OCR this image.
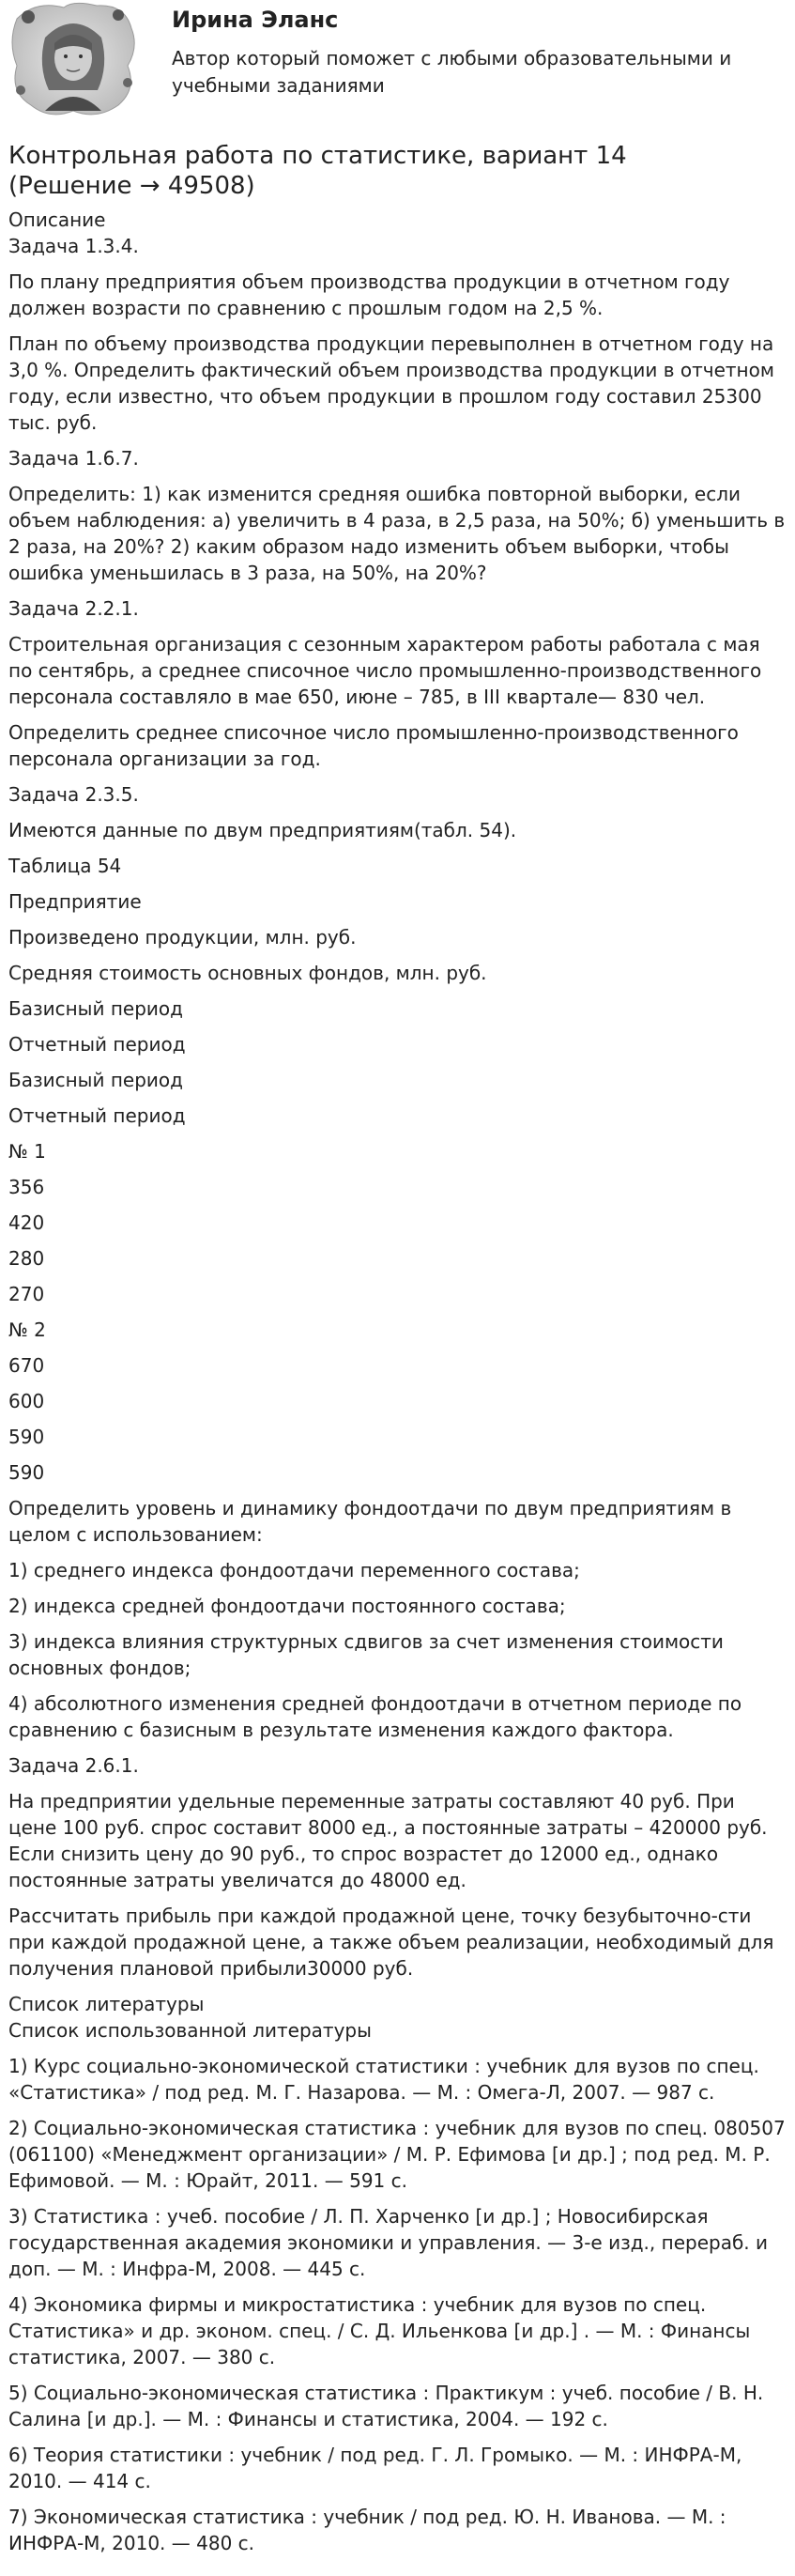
Ирина Эланс

Автор который поможет с любыми образовательными и учебными заданиями

Контрольная работа по статистике, вариант 14 (Решение → 49508)
Описание
Задача 1.3.4.

По плану предприятия объем производства продукции в отчетном году должен возрасти по сравнению с прошлым годом на 2,5 %.

План по объему производства продукции перевыполнен в отчетном году на 3,0 %. Определить фактический объем производства продукции в отчетном году, если известно, что объем продукции в прошлом году составил 25300 тыс. руб.

Задача 1.6.7.

Определить: 1) как изменится средняя ошибка повторной выборки, если объем наблюдения: а) увеличить в 4 раза, в 2,5 раза, на 50%; б) уменьшить в 2 раза, на 20%? 2) каким образом надо изменить объем выборки, чтобы ошибка уменьшилась в 3 раза, на 50%, на 20%?

Задача 2.2.1.

Строительная организация с сезонным характером работы работала с мая по сентябрь, а среднее списочное число промышленно-производственного персонала составляло в мае 650, июне – 785, в III квартале— 830 чел.

Определить среднее списочное число промышленно-производственного персонала организации за год.

Задача 2.3.5.

Имеются данные по двум предприятиям(табл. 54).

Таблица 54

Предприятие

Произведено продукции, млн. руб.

Средняя стоимость основных фондов, млн. руб.

Базисный период

Отчетный период

Базисный период

Отчетный период

№ 1

356

420

280

270

№ 2

670

600

590

590

Определить уровень и динамику фондоотдачи по двум предприятиям в целом с использованием:

1) среднего индекса фондоотдачи переменного состава;

2) индекса средней фондоотдачи постоянного состава;

3) индекса влияния структурных сдвигов за счет изменения стоимости основных фондов;

4) абсолютного изменения средней фондоотдачи в отчетном периоде по сравнению с базисным в результате изменения каждого фактора.

Задача 2.6.1.

На предприятии удельные переменные затраты составляют 40 руб. При цене 100 руб. спрос составит 8000 ед., а постоянные затраты – 420000 руб. Если снизить цену до 90 руб., то спрос возрастет до 12000 ед., однако постоянные затраты увеличатся до 48000 ед.

Рассчитать прибыль при каждой продажной цене, точку безубыточно-сти при каждой продажной цене, а также объем реализации, необходимый для получения плановой прибыли30000 руб.

Список литературы
Список использованной литературы

1) Курс социально-экономической статистики : учебник для вузов по спец. «Статистика» / под ред. М. Г. Назарова. — М. : Омега-Л, 2007. — 987 с.

2) Социально-экономическая статистика : учебник для вузов по спец. 080507 (061100) «Менеджмент организации» / М. Р. Ефимова [и др.] ; под ред. М. Р. Ефимовой. — М. : Юрайт, 2011. — 591 с.

3) Статистика : учеб. пособие / Л. П. Харченко [и др.] ; Новосибирская государственная академия экономики и управления. — 3-е изд., перераб. и доп. — М. : Инфра-М, 2008. — 445 с.

4) Экономика фирмы и микростатистика : учебник для вузов по спец. Статистика» и др. эконом. спец. / С. Д. Ильенкова [и др.] . — М. : Финансы статистика, 2007. — 380 с.

5) Социально-экономическая статистика : Практикум : учеб. пособие / В. Н. Салина [и др.]. — М. : Финансы и статистика, 2004. — 192 с.

6) Теория статистики : учебник / под ред. Г. Л. Громыко. — М. : ИНФРА-М, 2010. — 414 с.

7) Экономическая статистика : учебник / под ред. Ю. Н. Иванова. — М. : ИНФРА-М, 2010. — 480 с.
